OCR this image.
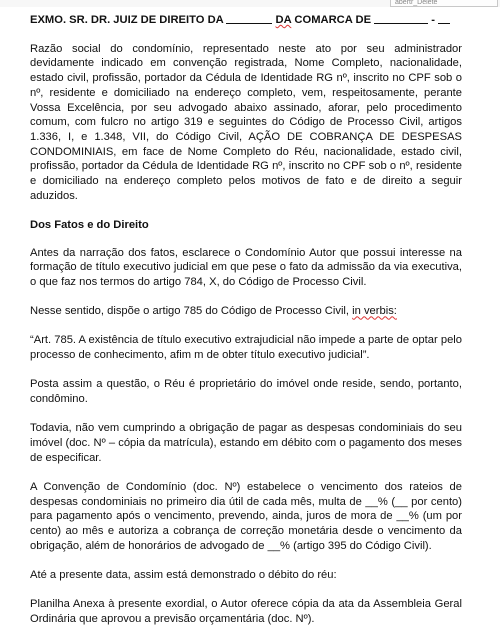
abertr_Delete
EXMO. SR. DR. JUIZ DE DIREITO DA	DA COMARCA DE	-

Razão social do condomínio, representado neste ato por seu administrador devidamente indicado em convenção registrada, Nome Completo, nacionalidade, estado civil, profissão, portador da Cédula de Identidade RG nº, inscrito no CPF sob o nº, residente e domiciliado na endereço completo, vem, respeitosamente, perante Vossa Excelência, por seu advogado abaixo assinado, aforar, pelo procedimento comum, com fulcro no artigo 319 e seguintes do Código de Processo Civil, artigos 1.336, I, e 1.348, VII, do Código Civil, AÇÃO DE COBRANÇA DE DESPESAS CONDOMINIAIS, em face de Nome Completo do Réu, nacionalidade, estado civil, profissão, portador da Cédula de Identidade RG nº, inscrito no CPF sob o nº, residente e domiciliado na endereço completo pelos motivos de fato e de direito a seguir aduzidos.

Dos Fatos e do Direito

Antes da narração dos fatos, esclarece o Condomínio Autor que possui interesse na formação de título executivo judicial em que pese o fato da admissão da via executiva, o que faz nos termos do artigo 784, X, do Código de Processo Civil.

Nesse sentido, dispõe o artigo 785 do Código de Processo Civil, in verbis:

“Art. 785. A existência de título executivo extrajudicial não impede a parte de optar pelo processo de conhecimento, afim m de obter título executivo judicial”.

Posta assim a questão, o Réu é proprietário do imóvel onde reside, sendo, portanto, condômino.

Todavia, não vem cumprindo a obrigação de pagar as despesas condominiais do seu imóvel (doc. Nº – cópia da matrícula), estando em débito com o pagamento dos meses de especificar.

A Convenção de Condomínio (doc. Nº) estabelece o vencimento dos rateios de despesas condominiais no primeiro dia útil de cada mês, multa de __% (__ por cento) para pagamento após o vencimento, prevendo, ainda, juros de mora de __% (um por cento) ao mês e autoriza a cobrança de correção monetária desde o vencimento da obrigação, além de honorários de advogado de __% (artigo 395 do Código Civil).

Até a presente data, assim está demonstrado o débito do réu:

Planilha Anexa à presente exordial, o Autor oferece cópia da ata da Assembleia Geral Ordinária que aprovou a previsão orçamentária (doc. Nº).
